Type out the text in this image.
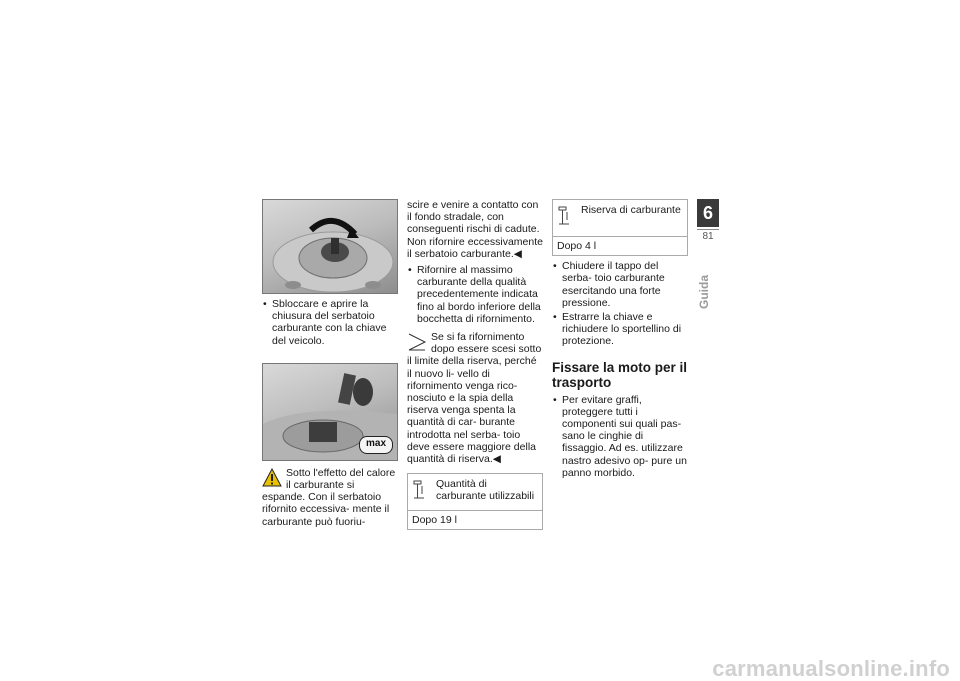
• Sbloccare e aprire la chiusura del serbatoio carburante con la chiave del veicolo.
max

Sotto l'effetto del calore il carburante si espande. Con il serbatoio rifornito eccessiva- mente il carburante può fuoriu-

scire e venire a contatto con il fondo stradale, con conseguenti rischi di cadute.

Non rifornire eccessivamente il serbatoio carburante.◀

• Rifornire al massimo carburante della qualità precedentemente indicata fino al bordo inferiore della bocchetta di rifornimento.

Se si fa rifornimento dopo essere scesi sotto il limite della riserva, perché il nuovo li- vello di rifornimento venga rico- nosciuto e la spia della riserva venga spenta la quantità di car- burante introdotta nel serba- toio deve essere maggiore della quantità di riserva.◀

Quantità di carburante utilizzabili
Dopo 19 l
Riserva di carburante
Dopo 4 l
• Chiudere il tappo del serba- toio carburante esercitando una forte pressione.
• Estrarre la chiave e richiudere lo sportellino di protezione.
Fissare la moto per il trasporto
• Per evitare graffi, proteggere tutti i componenti sui quali pas- sano le cinghie di fissaggio. Ad es. utilizzare nastro adesivo op- pure un panno morbido.
6
81
Guida
carmanualsonline.info
